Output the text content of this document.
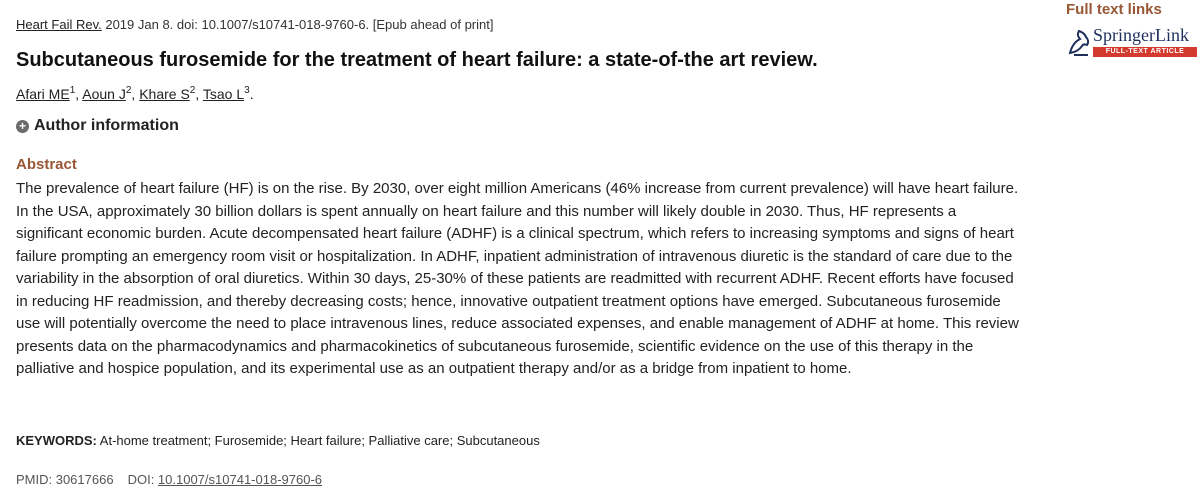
Heart Fail Rev. 2019 Jan 8. doi: 10.1007/s10741-018-9760-6. [Epub ahead of print]
Subcutaneous furosemide for the treatment of heart failure: a state-of-the art review.
Afari $ME^1$, Aoun $J^2$, Khare $S^2$, Tsao $L^3$.
+ Author information
Abstract

The prevalence of heart failure (HF) is on the rise. By 2030, over eight million Americans (46% increase from current prevalence) will have heart failure. In the USA, approximately 30 billion dollars is spent annually on heart failure and this number will likely double in 2030. Thus, HF represents a significant economic burden. Acute decompensated heart failure (ADHF) is a clinical spectrum, which refers to increasing symptoms and signs of heart failure prompting an emergency room visit or hospitalization. In ADHF, inpatient administration of intravenous diuretic is the standard of care due to the variability in the absorption of oral diuretics. Within 30 days, 25-30% of these patients are readmitted with recurrent ADHF. Recent efforts have focused in reducing HF readmission, and thereby decreasing costs; hence, innovative outpatient treatment options have emerged. Subcutaneous furosemide use will potentially overcome the need to place intravenous lines, reduce associated expenses, and enable management of ADHF at home. This review presents data on the pharmacodynamics and pharmacokinetics of subcutaneous furosemide, scientific evidence on the use of this therapy in the palliative and hospice population, and its experimental use as an outpatient therapy and/or as a bridge from inpatient to home.

KEYWORDS: At-home treatment; Furosemide; Heart failure; Palliative care; Subcutaneous
PMID: 30617666 DOI: 10.1007/s10741-018-9760-6
Full text links
SpringerLink
FULL-TEXT ARTICLE
